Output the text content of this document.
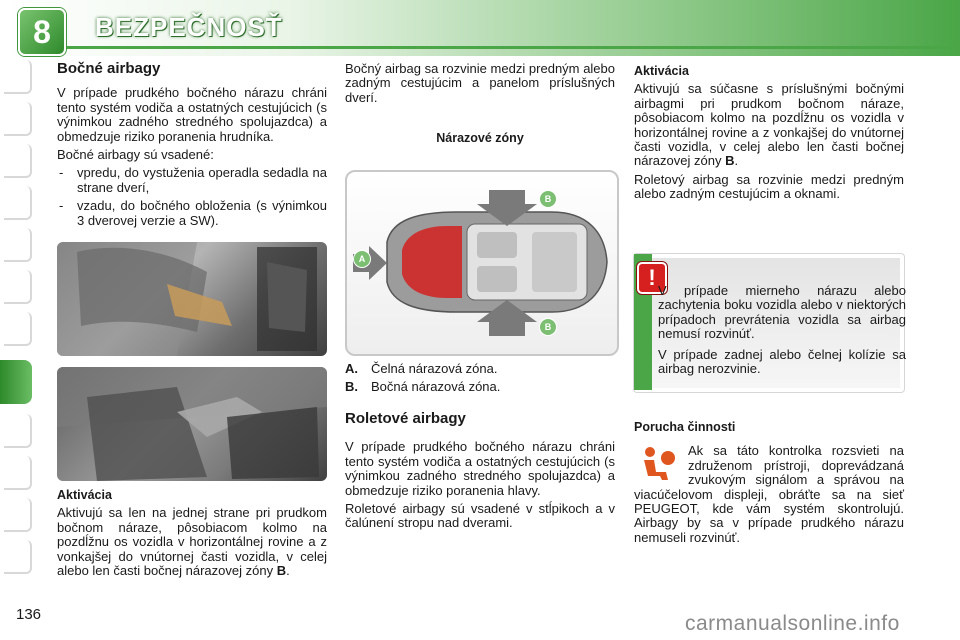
8	BEZPEČNOSŤ
Bočné airbagy

V prípade prudkého bočného nárazu chráni tento systém vodiča a ostatných cestujúcich (s výnimkou zadného stredného spolujazdca) a obmedzuje riziko poranenia hrudníka.

Bočné airbagy sú vsadené:

- vpredu, do vystuženia operadla sedadla na strane dverí,
- vzadu, do bočného obloženia (s výnimkou 3 dverovej verzie a SW).
Aktivácia

Aktivujú sa len na jednej strane pri prudkom bočnom náraze, pôsobiacom kolmo na pozdĺžnu os vozidla v horizontálnej rovine a z vonkajšej do vnútornej časti vozidla, v celej alebo len časti bočnej nárazovej zóny B.

Bočný airbag sa rozvinie medzi predným alebo zadným cestujúcim a panelom príslušných dverí.

Nárazové zóny
A
B
B
A.	Čelná nárazová zóna.
B.	Bočná nárazová zóna.
Roletové airbagy

V prípade prudkého bočného nárazu chráni tento systém vodiča a ostatných cestujúcich (s výnimkou zadného stredného spolujazdca) a obmedzuje riziko poranenia hlavy.

Roletové airbagy sú vsadené v stĺpikoch a v čalúnení stropu nad dverami.

Aktivácia

Aktivujú sa súčasne s príslušnými bočnými airbagmi pri prudkom bočnom náraze, pôsobiacom kolmo na pozdĺžnu os vozidla v horizontálnej rovine a z vonkajšej do vnútornej časti vozidla, v celej alebo len časti bočnej nárazovej zóny B.

Roletový airbag sa rozvinie medzi predným alebo zadným cestujúcim a oknami.

!

V prípade mierneho nárazu alebo zachytenia boku vozidla alebo v niektorých prípadoch prevrátenia vozidla sa airbag nemusí rozvinúť.

V prípade zadnej alebo čelnej kolízie sa airbag nerozvinie.

Porucha činnosti

Ak sa táto kontrolka rozsvieti na združenom prístroji, doprevádzaná zvukovým signálom a správou na viacúčelovom displeji, obráťte sa na sieť PEUGEOT, kde vám systém skontrolujú. Airbagy by sa v prípade prudkého nárazu nemuseli rozvinúť.

136	carmanualsonline.info
